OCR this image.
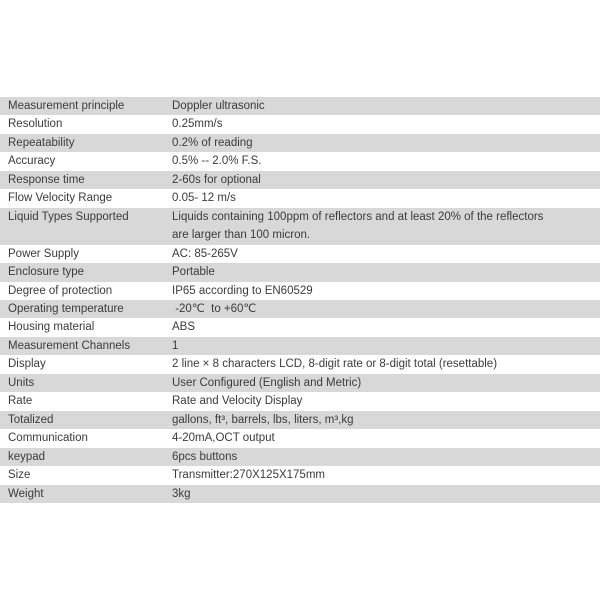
Measurement principle	Doppler ultrasonic
Resolution	0.25mm/s
Repeatability	0.2% of reading
Accuracy	0.5% -- 2.0% F.S.
Response time	2-60s for optional
Flow Velocity Range	0.05- 12 m/s
Liquid Types Supported	Liquids containing 100ppm of reflectors and at least 20% of the reflectors
are larger than 100 micron.
Power Supply	AC: 85-265V
Enclosure type	Portable
Degree of protection	IP65 according to EN60529
Operating temperature	-20℃  to +60℃
Housing material	ABS
Measurement Channels	1
Display	2 line × 8 characters LCD, 8-digit rate or 8-digit total (resettable)
Units	User Configured (English and Metric)
Rate	Rate and Velocity Display
Totalized	gallons, ft³, barrels, lbs, liters, m³,kg
Communication	4-20mA,OCT output
keypad	6pcs buttons
Size	Transmitter:270X125X175mm
Weight	3kg
